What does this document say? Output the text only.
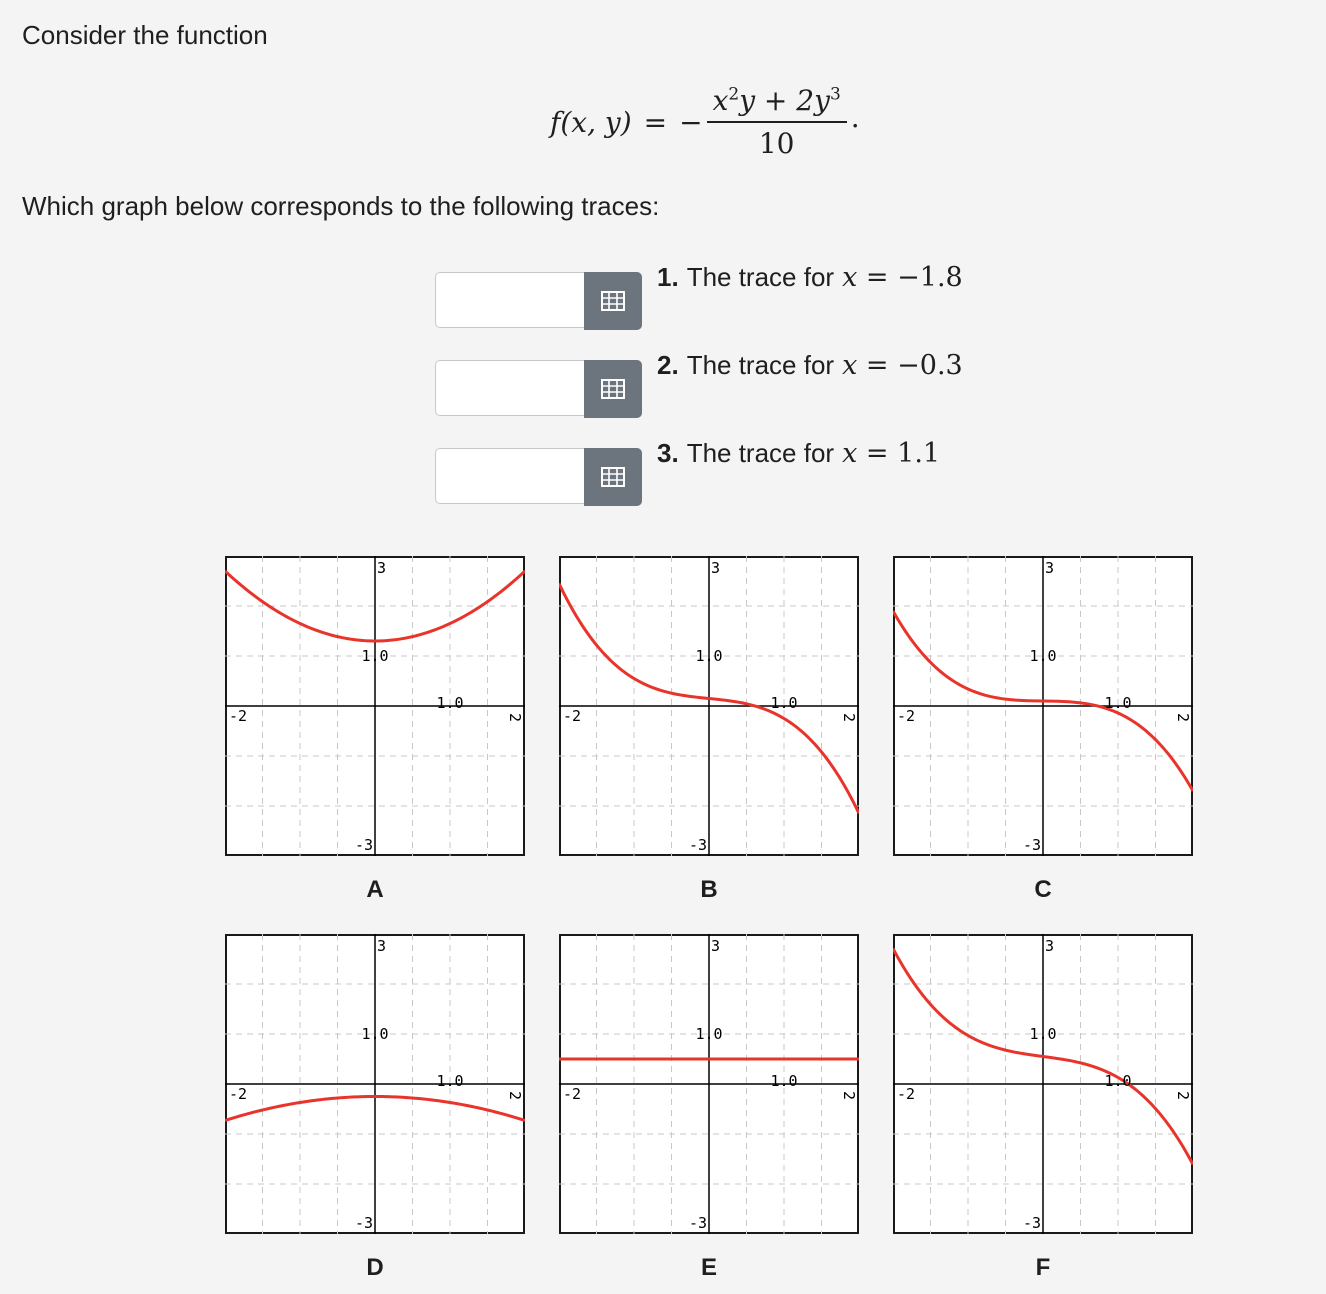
Consider the function
f(x, y) = − $\frac{x^2y + 2y^3}{10}$ .
Which graph below corresponds to the following traces:
1. The trace for x = −1.8
2. The trace for x = −0.3
3. The trace for x = 1.1
3
1.0
-3
-2
1.0
2
3
1.0
-3
-2
1.0
2
3
1.0
-3
-2
1.0
2
3
1.0
-3
-2
1.0
2
3
1.0
-3
-2
1.0
2
3
1.0
-3
-2
1.0
2
A	B	C
D	E	F
